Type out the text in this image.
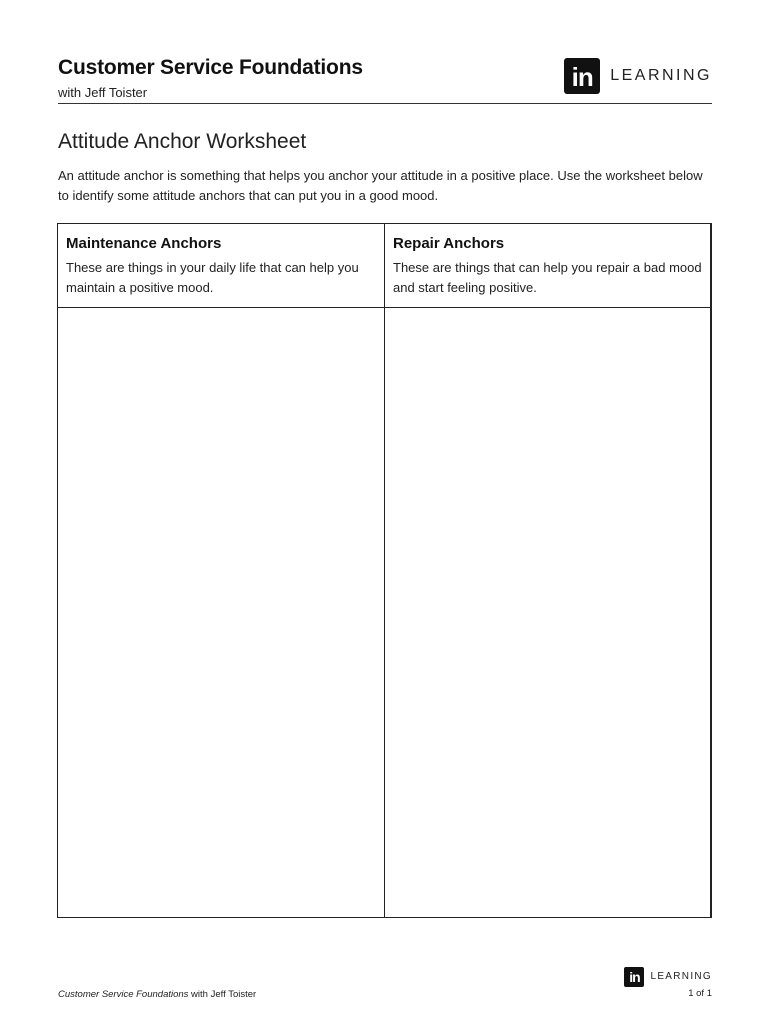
Customer Service Foundations
with Jeff Toister
in	LEARNING
Attitude Anchor Worksheet

An attitude anchor is something that helps you anchor your attitude in a positive place. Use the worksheet below to identify some attitude anchors that can put you in a good mood.

Maintenance Anchors
These are things in your daily life that can help you maintain a positive mood.
Repair Anchors
These are things that can help you repair a bad mood and start feeling positive.
in	LEARNING
Customer Service Foundations with Jeff Toister	1 of 1
